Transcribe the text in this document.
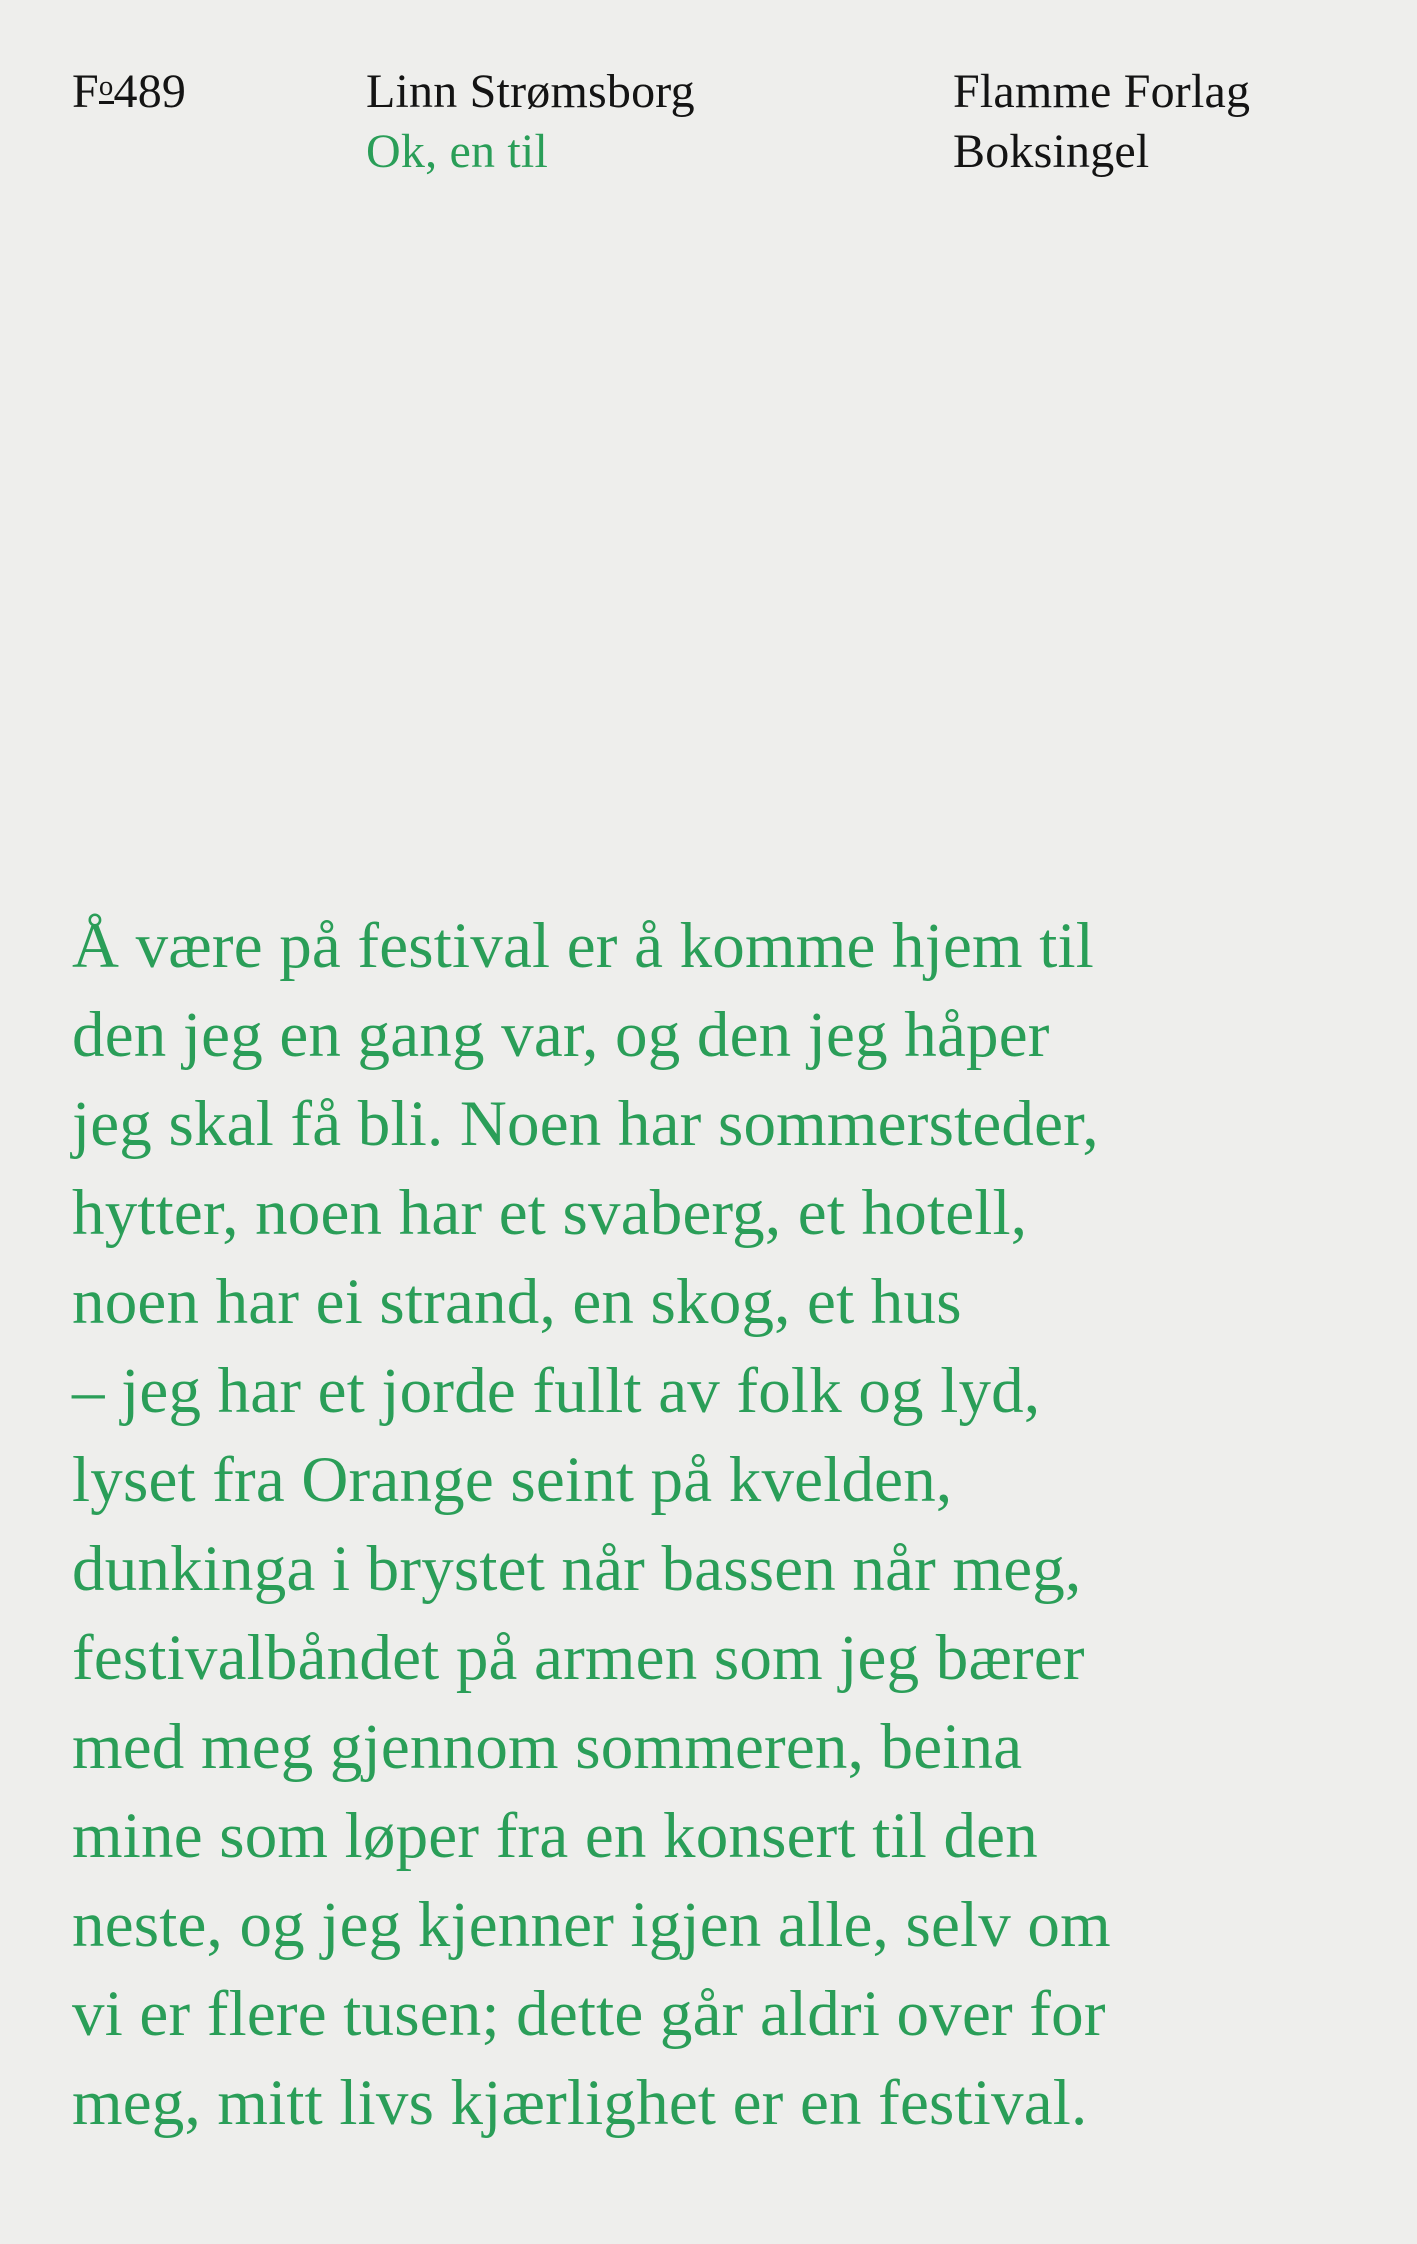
Fo489	Linn Strømsborg
Ok, en til
Flamme Forlag
Boksingel
Å være på festival er å komme hjem til
den jeg en gang var, og den jeg håper
jeg skal få bli. Noen har sommersteder,
hytter, noen har et svaberg, et hotell,
noen har ei strand, en skog, et hus
– jeg har et jorde fullt av folk og lyd,
lyset fra Orange seint på kvelden,
dunkinga i brystet når bassen når meg,
festivalbåndet på armen som jeg bærer
med meg gjennom sommeren, beina
mine som løper fra en konsert til den
neste, og jeg kjenner igjen alle, selv om
vi er flere tusen; dette går aldri over for
meg, mitt livs kjærlighet er en festival.
